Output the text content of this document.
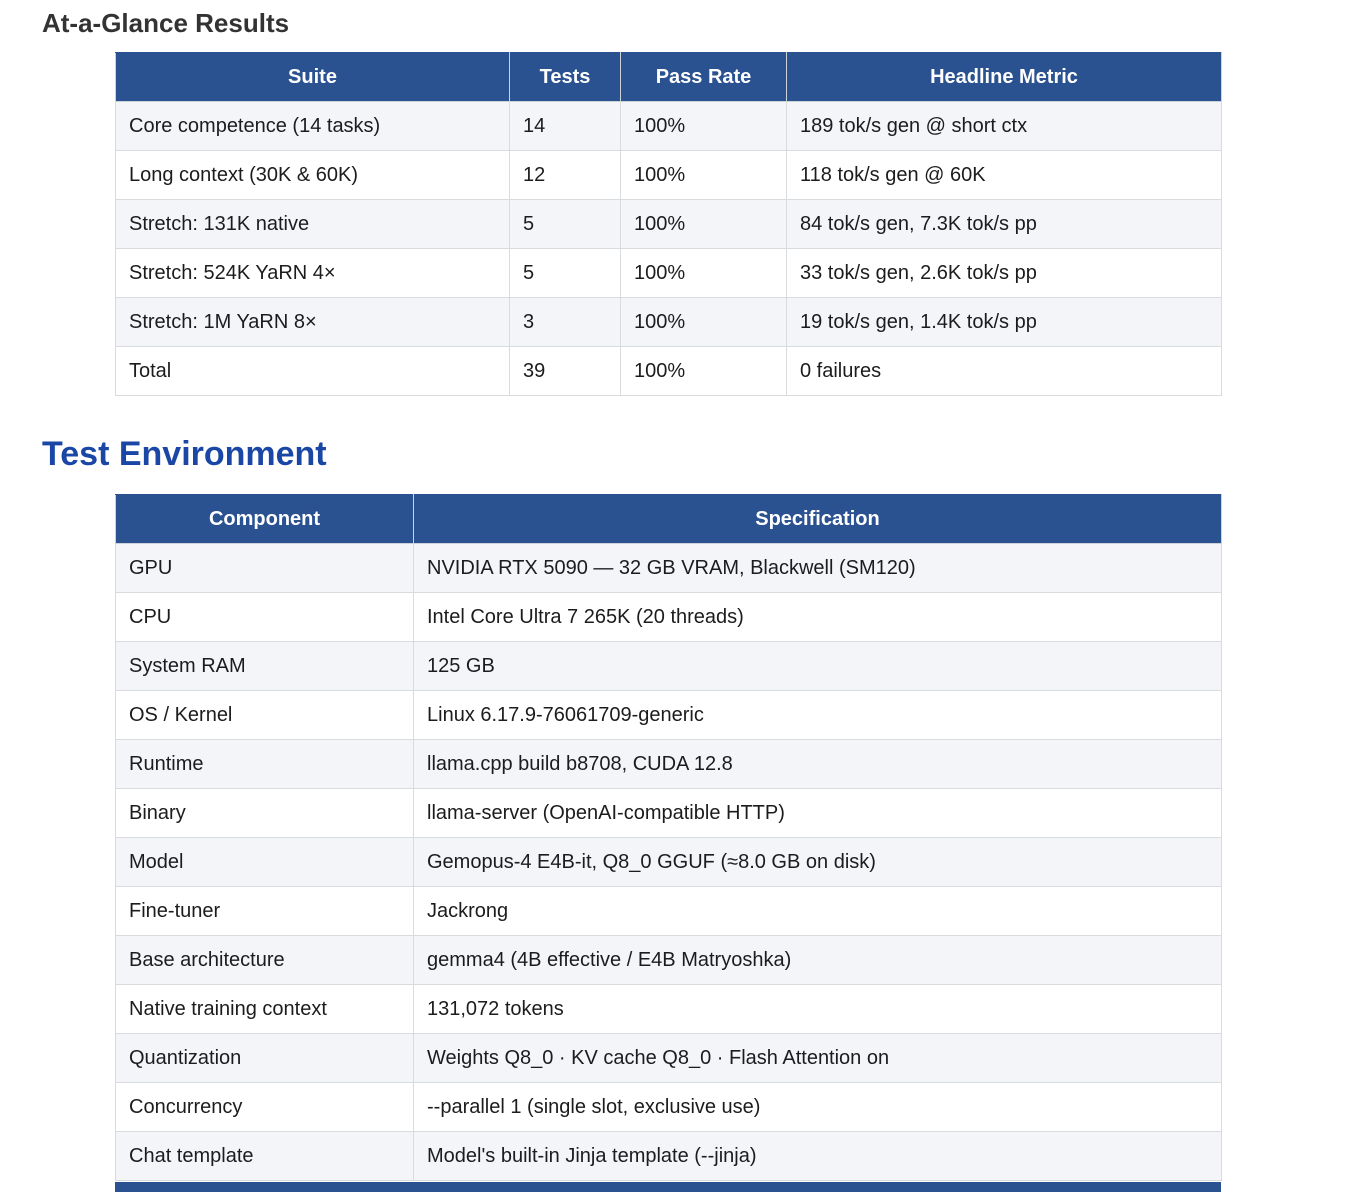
At-a-Glance Results
Suite	Tests	Pass Rate	Headline Metric
Core competence (14 tasks)	14	100%	189 tok/s gen @ short ctx
Long context (30K & 60K)	12	100%	118 tok/s gen @ 60K
Stretch: 131K native	5	100%	84 tok/s gen, 7.3K tok/s pp
Stretch: 524K YaRN 4×	5	100%	33 tok/s gen, 2.6K tok/s pp
Stretch: 1M YaRN 8×	3	100%	19 tok/s gen, 1.4K tok/s pp
Total	39	100%	0 failures
Test Environment
Component	Specification
GPU	NVIDIA RTX 5090 — 32 GB VRAM, Blackwell (SM120)
CPU	Intel Core Ultra 7 265K (20 threads)
System RAM	125 GB
OS / Kernel	Linux 6.17.9-76061709-generic
Runtime	llama.cpp build b8708, CUDA 12.8
Binary	llama-server (OpenAI-compatible HTTP)
Model	Gemopus-4 E4B-it, Q8_0 GGUF (≈8.0 GB on disk)
Fine-tuner	Jackrong
Base architecture	gemma4 (4B effective / E4B Matryoshka)
Native training context	131,072 tokens
Quantization	Weights Q8_0 · KV cache Q8_0 · Flash Attention on
Concurrency	--parallel 1 (single slot, exclusive use)
Chat template	Model's built-in Jinja template (--jinja)
